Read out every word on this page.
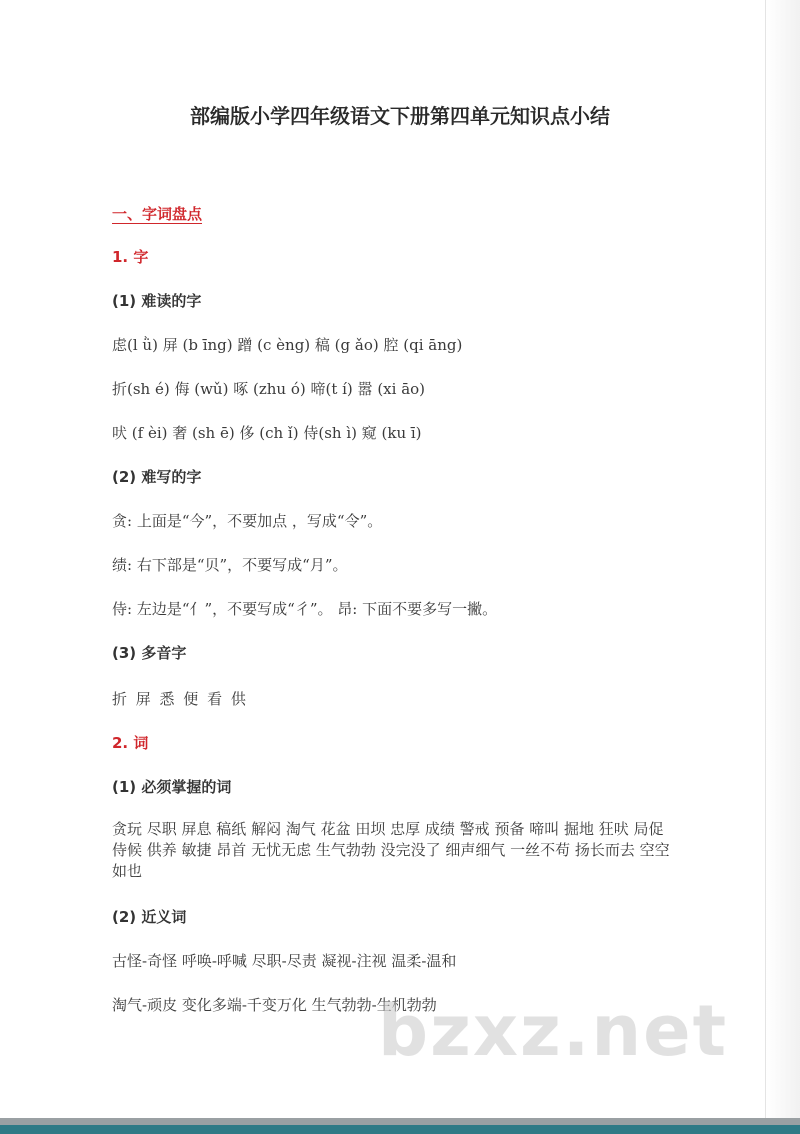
部编版小学四年级语文下册第四单元知识点小结
一、字词盘点
1. 字
(1) 难读的字
虑(l ǜ) 屏 (b īng) 蹭 (c èng) 稿 (g ǎo) 腔 (qi āng)
折(sh é) 侮 (wǔ) 啄 (zhu ó) 啼(t í) 嚣 (xi āo)
吠 (f èi) 奢 (sh ē) 侈 (ch ǐ) 侍(sh ì) 窥 (ku ī)
(2) 难写的字
贪: 上面是“今”，不要加点 ，写成“令”。
绩: 右下部是“贝”，不要写成“月”。
侍: 左边是“亻”，不要写成“彳”。 昂: 下面不要多写一撇。
(3) 多音字
折 屏 悉 便 看 供
2. 词
(1) 必须掌握的词
贪玩 尽职 屏息 稿纸 解闷 淘气 花盆 田坝 忠厚 成绩 警戒 预备 啼叫 掘地 狂吠 局促 侍候 供养 敏捷 昂首 无忧无虑 生气勃勃 没完没了 细声细气 一丝不苟 扬长而去 空空如也
(2) 近义词
古怪-奇怪 呼唤-呼喊 尽职-尽责 凝视-注视 温柔-温和
淘气-顽皮 变化多端-千变万化 生气勃勃-生机勃勃
bzxz.net
